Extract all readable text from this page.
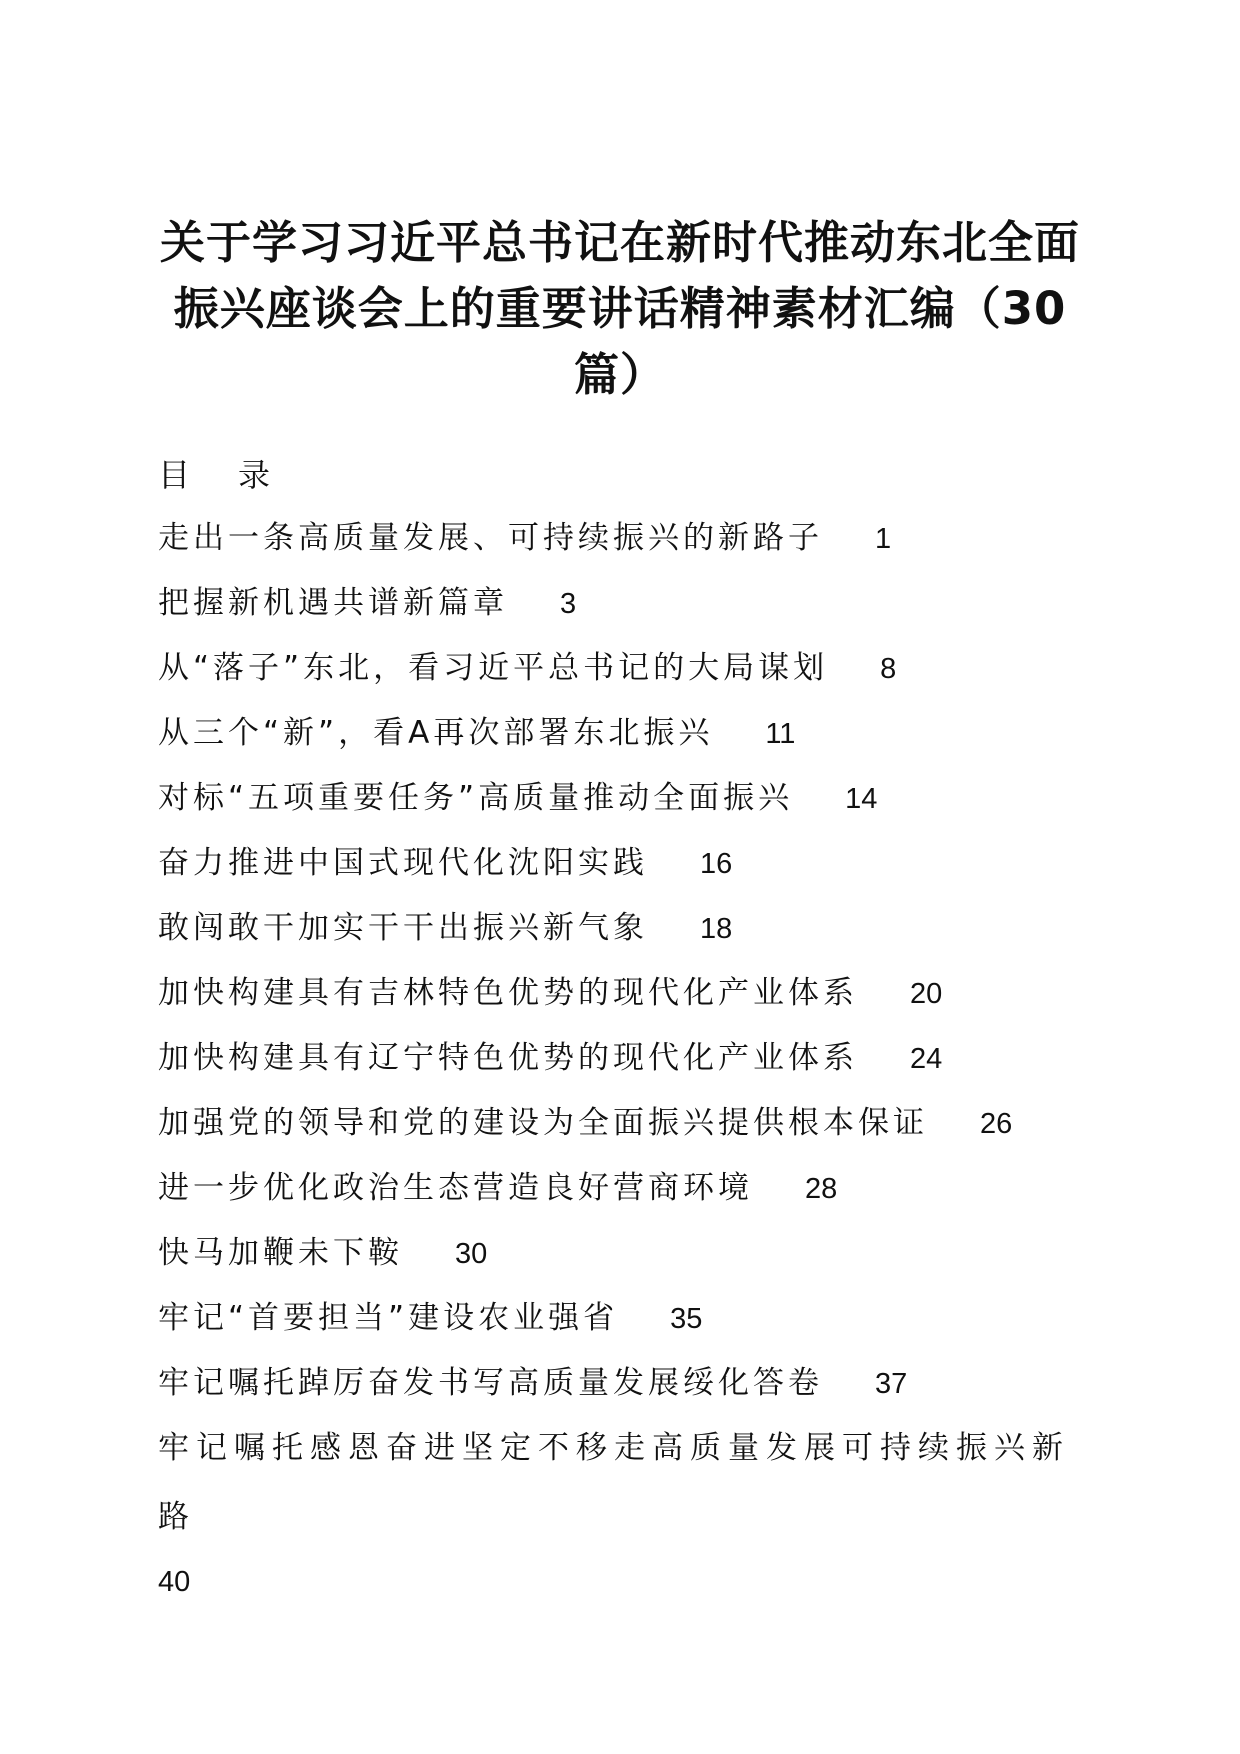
关于学习习近平总书记在新时代推动东北全面振兴座谈会上的重要讲话精神素材汇编（30篇）
目录
走出一条高质量发展、可持续振兴的新路子 1
把握新机遇共谱新篇章 3
从“落子”东北，看习近平总书记的大局谋划 8
从三个“新”，看A再次部署东北振兴 11
对标“五项重要任务”高质量推动全面振兴 14
奋力推进中国式现代化沈阳实践 16
敢闯敢干加实干干出振兴新气象 18
加快构建具有吉林特色优势的现代化产业体系 20
加快构建具有辽宁特色优势的现代化产业体系 24
加强党的领导和党的建设为全面振兴提供根本保证 26
进一步优化政治生态营造良好营商环境 28
快马加鞭未下鞍 30
牢记“首要担当”建设农业强省 35
牢记嘱托踔厉奋发书写高质量发展绥化答卷 37
牢记嘱托感恩奋进坚定不移走高质量发展可持续振兴新路
40
